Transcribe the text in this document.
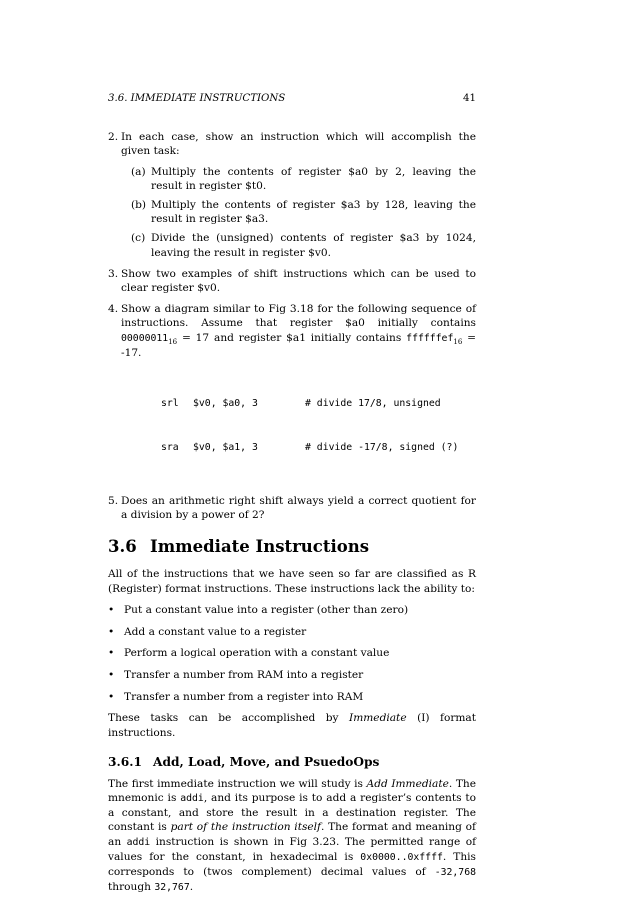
3.6. IMMEDIATE INSTRUCTIONS	41
2. In each case, show an instruction which will accomplish the given task:
(a) Multiply the contents of register $a0 by 2, leaving the result in register $t0.
(b) Multiply the contents of register $a3 by 128, leaving the result in register $a3.
(c) Divide the (unsigned) contents of register $a3 by 1024, leaving the result in register $v0.
3. Show two examples of shift instructions which can be used to clear register $v0.
4. Show a diagram similar to Fig 3.18 for the following sequence of instructions. Assume that register $a0 initially contains $00000011_{16} = 17$ and register $a1 initially contains ffffffef$_{16}$ = -17.

srl	$v0, $a0, 3	# divide 17/8, unsigned

sra	$v0, $a1, 3	# divide -17/8, signed (?)

5. Does an arithmetic right shift always yield a correct quotient for a division by a power of 2?
3.6 Immediate Instructions

All of the instructions that we have seen so far are classified as R (Register) format instructions. These instructions lack the ability to:

• Put a constant value into a register (other than zero)
• Add a constant value to a register
• Perform a logical operation with a constant value
• Transfer a number from RAM into a register
• Transfer a number from a register into RAM

These tasks can be accomplished by Immediate (I) format instructions.

3.6.1 Add, Load, Move, and PsuedoOps

The first immediate instruction we will study is Add Immediate. The mnemonic is addi, and its purpose is to add a register’s contents to a constant, and store the result in a destination register. The constant is part of the instruction itself. The format and meaning of an addi instruction is shown in Fig 3.23. The permitted range of values for the constant, in hexadecimal is 0x0000..0xffff. This corresponds to (twos complement) decimal values of -32,768 through 32,767.
